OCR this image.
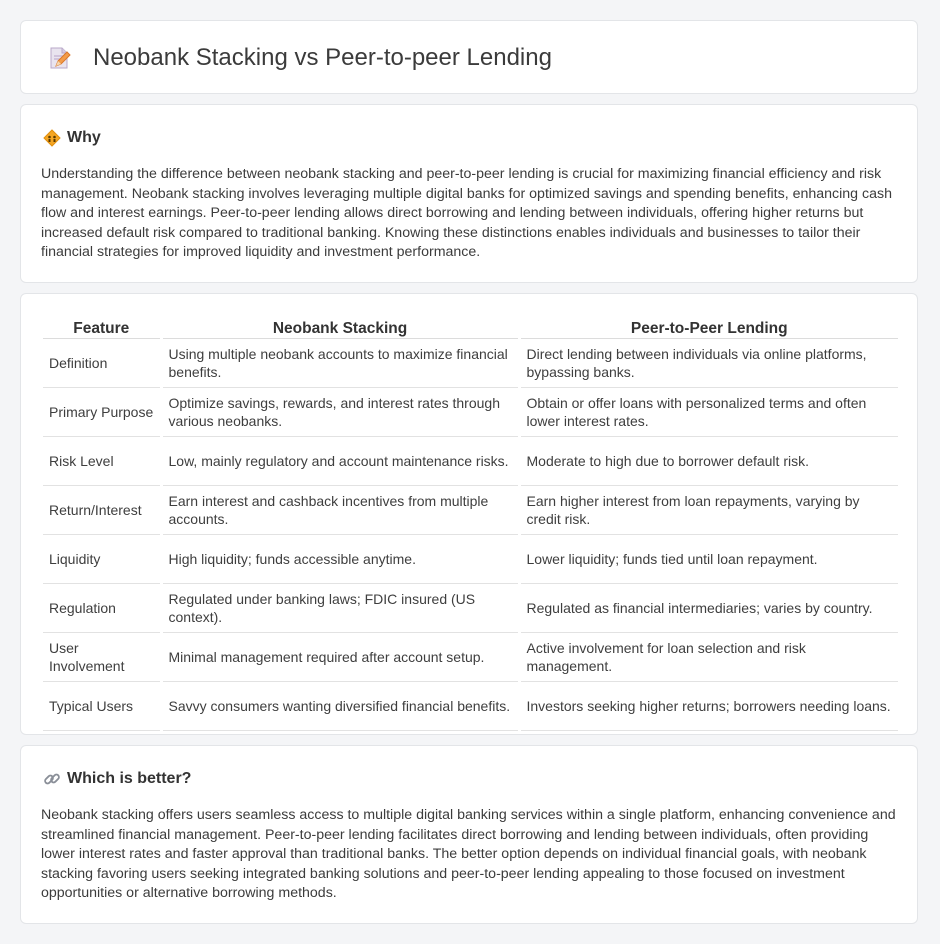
Neobank Stacking vs Peer-to-peer Lending
Why

Understanding the difference between neobank stacking and peer-to-peer lending is crucial for maximizing financial efficiency and risk management. Neobank stacking involves leveraging multiple digital banks for optimized savings and spending benefits, enhancing cash flow and interest earnings. Peer-to-peer lending allows direct borrowing and lending between individuals, offering higher returns but increased default risk compared to traditional banking. Knowing these distinctions enables individuals and businesses to tailor their financial strategies for improved liquidity and investment performance.

Feature	Neobank Stacking	Peer-to-Peer Lending
Definition	Using multiple neobank accounts to maximize financial benefits.	Direct lending between individuals via online platforms, bypassing banks.
Primary Purpose	Optimize savings, rewards, and interest rates through various neobanks.	Obtain or offer loans with personalized terms and often lower interest rates.
Risk Level	Low, mainly regulatory and account maintenance risks.	Moderate to high due to borrower default risk.
Return/Interest	Earn interest and cashback incentives from multiple accounts.	Earn higher interest from loan repayments, varying by credit risk.
Liquidity	High liquidity; funds accessible anytime.	Lower liquidity; funds tied until loan repayment.
Regulation	Regulated under banking laws; FDIC insured (US context).	Regulated as financial intermediaries; varies by country.
User Involvement	Minimal management required after account setup.	Active involvement for loan selection and risk management.
Typical Users	Savvy consumers wanting diversified financial benefits.	Investors seeking higher returns; borrowers needing loans.
Which is better?

Neobank stacking offers users seamless access to multiple digital banking services within a single platform, enhancing convenience and streamlined financial management. Peer-to-peer lending facilitates direct borrowing and lending between individuals, often providing lower interest rates and faster approval than traditional banks. The better option depends on individual financial goals, with neobank stacking favoring users seeking integrated banking solutions and peer-to-peer lending appealing to those focused on investment opportunities or alternative borrowing methods.
